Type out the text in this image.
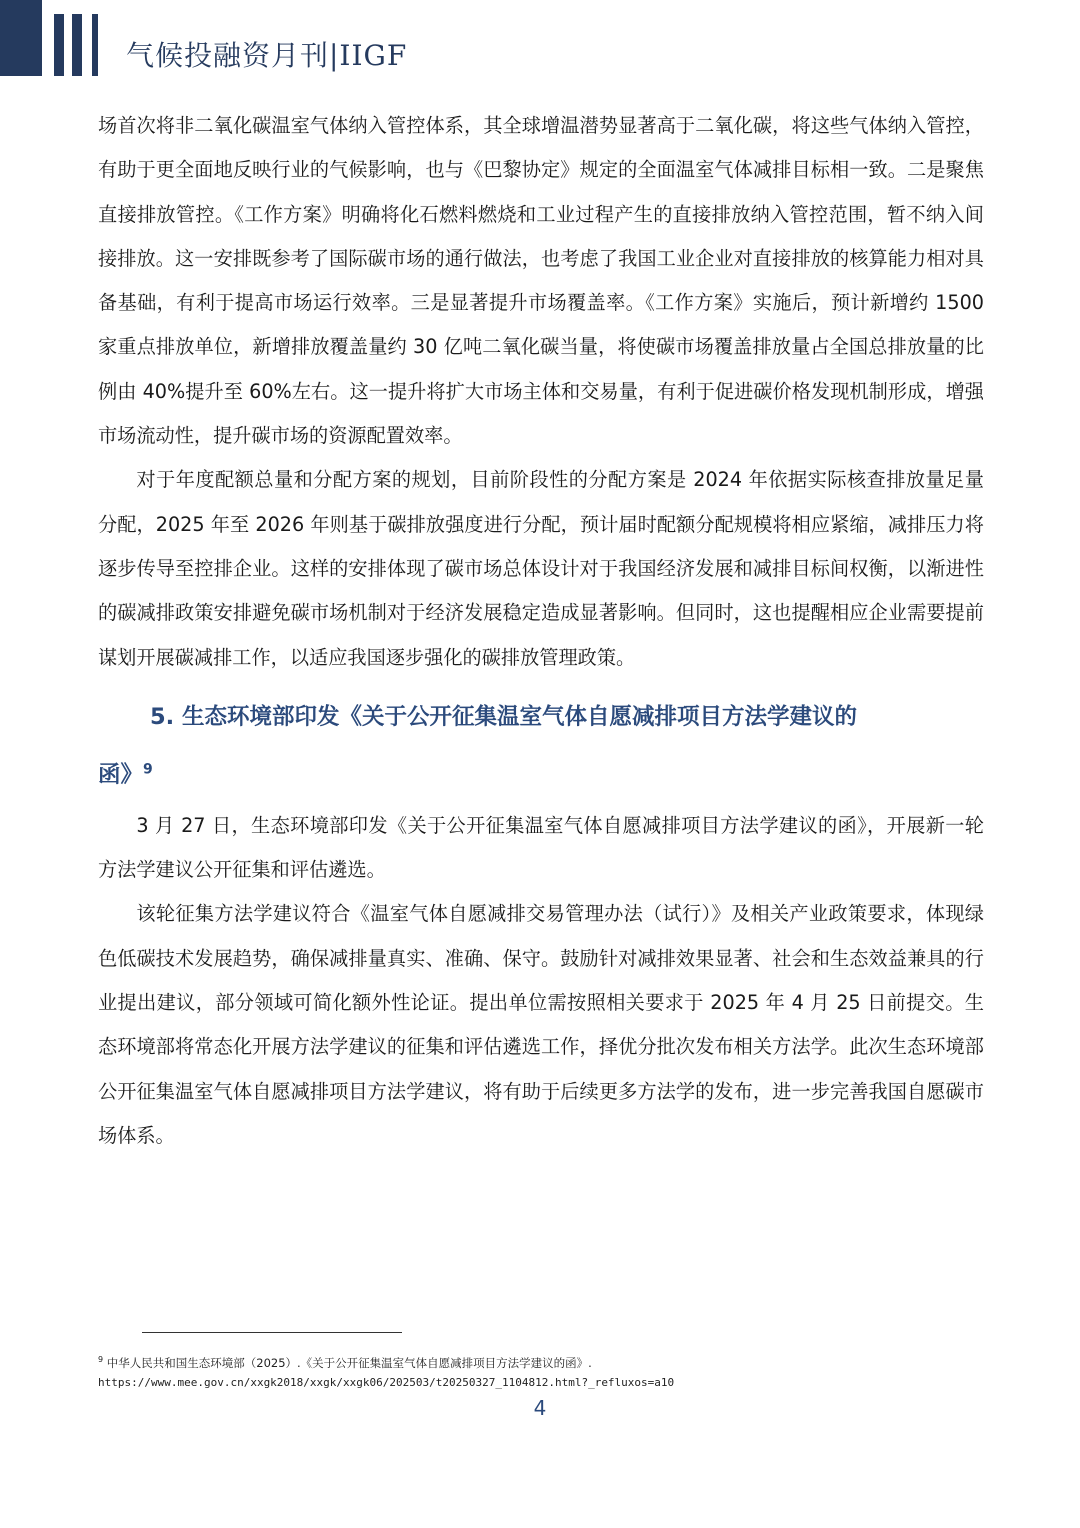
气候投融资月刊|IIGF

场首次将非二氧化碳温室气体纳入管控体系，其全球增温潜势显著高于二氧化碳，将这些气体纳入管控，有助于更全面地反映行业的气候影响，也与《巴黎协定》规定的全面温室气体减排目标相一致。二是聚焦直接排放管控。《工作方案》明确将化石燃料燃烧和工业过程产生的直接排放纳入管控范围，暂不纳入间接排放。这一安排既参考了国际碳市场的通行做法，也考虑了我国工业企业对直接排放的核算能力相对具备基础，有利于提高市场运行效率。三是显著提升市场覆盖率。《工作方案》实施后，预计新增约 1500 家重点排放单位，新增排放覆盖量约 30 亿吨二氧化碳当量，将使碳市场覆盖排放量占全国总排放量的比例由 40%提升至 60%左右。这一提升将扩大市场主体和交易量，有利于促进碳价格发现机制形成，增强市场流动性，提升碳市场的资源配置效率。

对于年度配额总量和分配方案的规划，目前阶段性的分配方案是 2024 年依据实际核查排放量足量分配，2025 年至 2026 年则基于碳排放强度进行分配，预计届时配额分配规模将相应紧缩，减排压力将逐步传导至控排企业。这样的安排体现了碳市场总体设计对于我国经济发展和减排目标间权衡，以渐进性的碳减排政策安排避免碳市场机制对于经济发展稳定造成显著影响。但同时，这也提醒相应企业需要提前谋划开展碳减排工作，以适应我国逐步强化的碳排放管理政策。

5. 生态环境部印发《关于公开征集温室气体自愿减排项目方法学建议的
函》$^9$

3 月 27 日，生态环境部印发《关于公开征集温室气体自愿减排项目方法学建议的函》，开展新一轮方法学建议公开征集和评估遴选。

该轮征集方法学建议符合《温室气体自愿减排交易管理办法（试行）》及相关产业政策要求，体现绿色低碳技术发展趋势，确保减排量真实、准确、保守。鼓励针对减排效果显著、社会和生态效益兼具的行业提出建议，部分领域可简化额外性论证。提出单位需按照相关要求于 2025 年 4 月 25 日前提交。生态环境部将常态化开展方法学建议的征集和评估遴选工作，择优分批次发布相关方法学。此次生态环境部公开征集温室气体自愿减排项目方法学建议，将有助于后续更多方法学的发布，进一步完善我国自愿碳市场体系。

$^9$ 中华人民共和国生态环境部（2025）.《关于公开征集温室气体自愿减排项目方法学建议的函》.
https://www.mee.gov.cn/xxgk2018/xxgk/xxgk06/202503/t20250327_1104812.html?_refluxos=a10
4
